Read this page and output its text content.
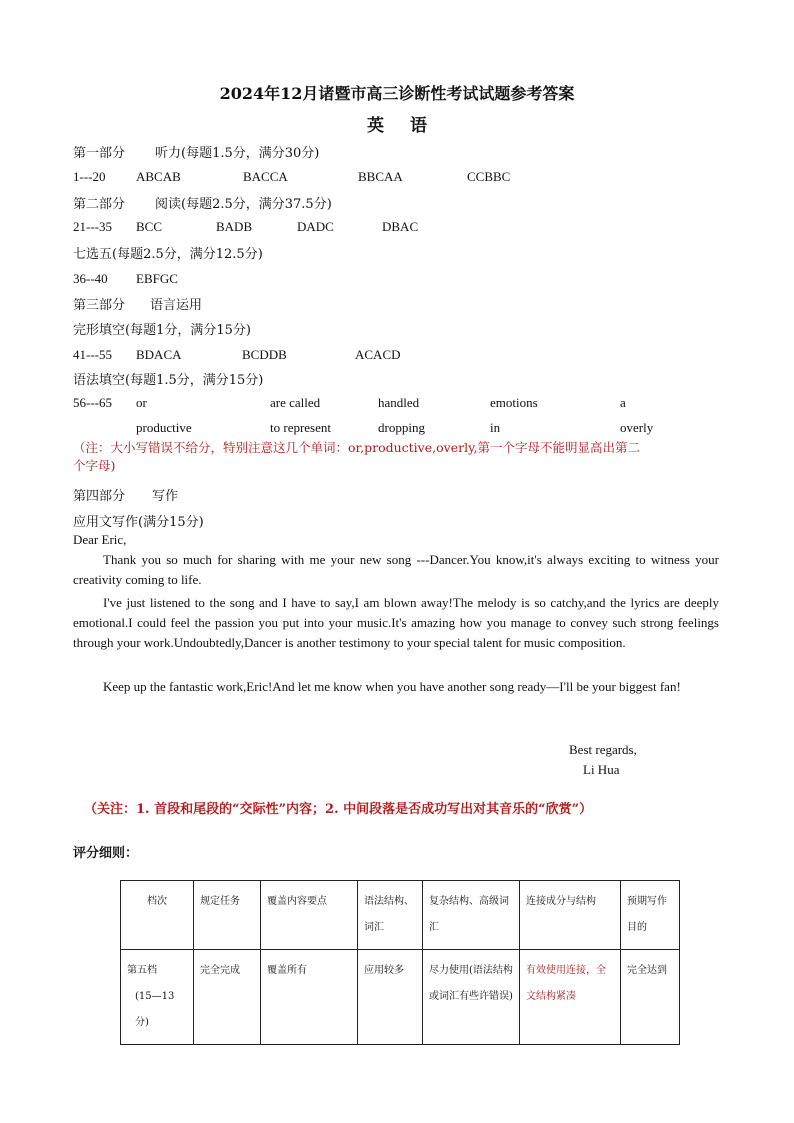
2024年12月诸暨市高三诊断性考试试题参考答案
英语
第一部分 听力(每题1.5分，满分30分)
1---20 ABCAB	BACCA	BBCAA	CCBBC
第二部分 阅读(每题2.5分，满分37.5分)
21---35 BCC	BADB	DADC	DBAC
七选五(每题2.5分，满分12.5分)
36--40 EBFGC
第三部分 语言运用
完形填空(每题1分，满分15分)
41---55 BDACA	BCDDB	ACACD
语法填空(每题1.5分，满分15分)
56---65 or	are called	handled	emotions	a
productive	to represent	dropping	in	overly
（注：大小写错误不给分，特别注意这几个单词：or,productive,overly,第一个字母不能明显高出第二
个字母)
第四部分 写作
应用文写作(满分15分)
Dear Eric,
Thank you so much for sharing with me your new song ---Dancer.You know,it's always exciting to witness your creativity coming to life.
I've just listened to the song and I have to say,I am blown away!The melody is so catchy,and the lyrics are deeply emotional.I could feel the passion you put into your music.It's amazing how you manage to convey such strong feelings through your work.Undoubtedly,Dancer is another testimony to your special talent for music composition.
Keep up the fantastic work,Eric!And let me know when you have another song ready—I'll be your biggest fan!
Best regards,
Li Hua
（关注：1. 首段和尾段的“交际性”内容；2. 中间段落是否成功写出对其音乐的“欣赏”）
评分细则：
档次	规定任务	覆盖内容要点	语法结构、词汇	复杂结构、高级词汇	连接成分与结构	预期写作目的

第五档
(15—13分)	完全完成	覆盖所有	应用较多	尽力使用(语法结构或词汇有些许错误)	有效使用连接，全文结构紧凑	完全达到
